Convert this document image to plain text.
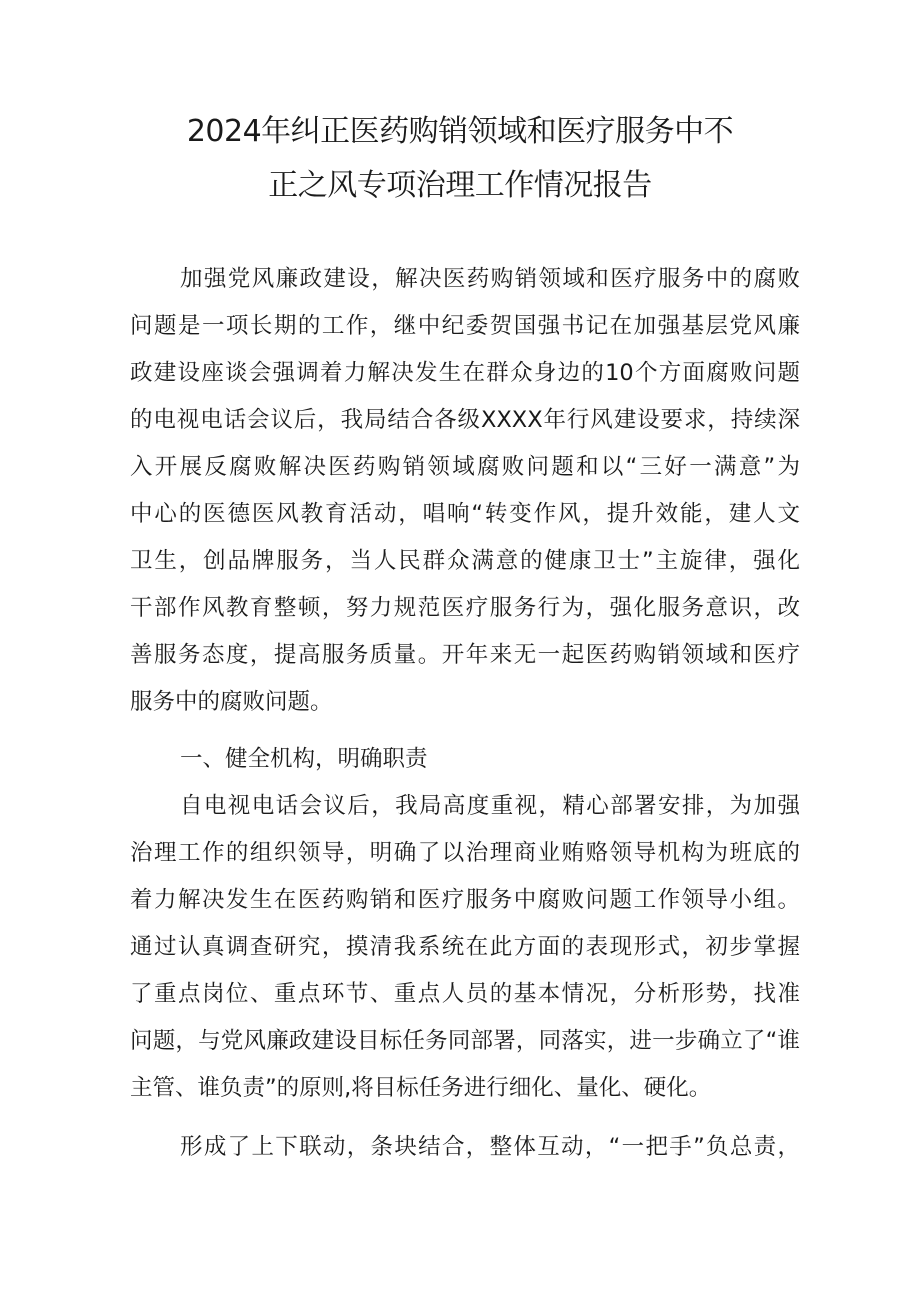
2024年纠正医药购销领域和医疗服务中不
正之风专项治理工作情况报告
加强党风廉政建设，解决医药购销领域和医疗服务中的腐败
问题是一项长期的工作，继中纪委贺国强书记在加强基层党风廉
政建设座谈会强调着力解决发生在群众身边的10个方面腐败问题
的电视电话会议后，我局结合各级XXXX年行风建设要求，持续深
入开展反腐败解决医药购销领域腐败问题和以“三好一满意”为
中心的医德医风教育活动，唱响“转变作风，提升效能，建人文
卫生，创品牌服务，当人民群众满意的健康卫士”主旋律，强化
干部作风教育整顿，努力规范医疗服务行为，强化服务意识，改
善服务态度，提高服务质量。开年来无一起医药购销领域和医疗
服务中的腐败问题。
一、健全机构，明确职责
自电视电话会议后，我局高度重视，精心部署安排，为加强
治理工作的组织领导，明确了以治理商业贿赂领导机构为班底的
着力解决发生在医药购销和医疗服务中腐败问题工作领导小组。
通过认真调查研究，摸清我系统在此方面的表现形式，初步掌握
了重点岗位、重点环节、重点人员的基本情况，分析形势，找准
问题，与党风廉政建设目标任务同部署，同落实，进一步确立了“谁
主管、谁负责”的原则,将目标任务进行细化、量化、硬化。
形成了上下联动，条块结合，整体互动，“一把手”负总责，
